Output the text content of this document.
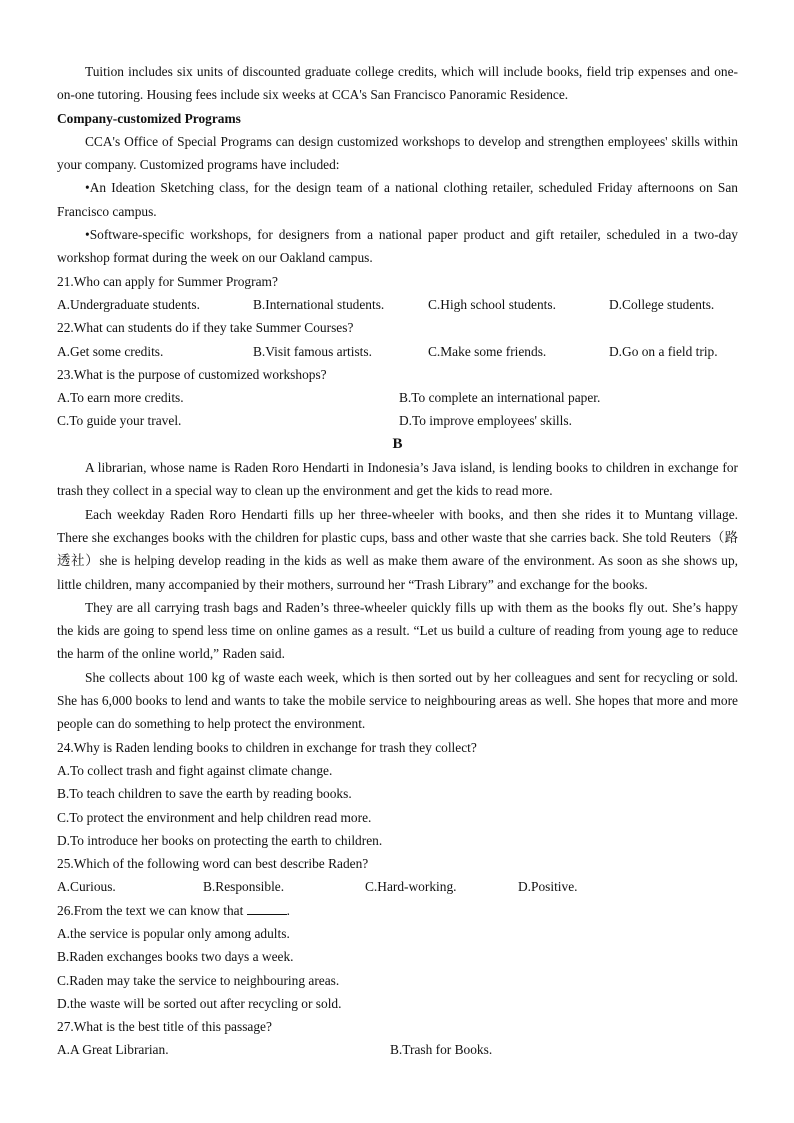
Tuition includes six units of discounted graduate college credits, which will include books, field trip expenses and one-on-one tutoring. Housing fees include six weeks at CCA's San Francisco Panoramic Residence.

Company-customized Programs

CCA's Office of Special Programs can design customized workshops to develop and strengthen employees' skills within your company. Customized programs have included:

•An Ideation Sketching class, for the design team of a national clothing retailer, scheduled Friday afternoons on San Francisco campus.

•Software-specific workshops, for designers from a national paper product and gift retailer, scheduled in a two-day workshop format during the week on our Oakland campus.

21.Who can apply for Summer Program?

A.Undergraduate students.	B.International students.	C.High school students.	D.College students.

22.What can students do if they take Summer Courses?

A.Get some credits.	B.Visit famous artists.	C.Make some friends.	D.Go on a field trip.

23.What is the purpose of customized workshops?

A.To earn more credits.	B.To complete an international paper.
C.To guide your travel.	D.To improve employees' skills.

B

A librarian, whose name is Raden Roro Hendarti in Indonesia’s Java island, is lending books to children in exchange for trash they collect in a special way to clean up the environment and get the kids to read more.

Each weekday Raden Roro Hendarti fills up her three-wheeler with books, and then she rides it to Muntang village. There she exchanges books with the children for plastic cups, bass and other waste that she carries back. She told Reuters（路透社）she is helping develop reading in the kids as well as make them aware of the environment. As soon as she shows up, little children, many accompanied by their mothers, surround her “Trash Library” and exchange for the books.

They are all carrying trash bags and Raden’s three-wheeler quickly fills up with them as the books fly out. She’s happy the kids are going to spend less time on online games as a result. “Let us build a culture of reading from young age to reduce the harm of the online world,” Raden said.

She collects about 100 kg of waste each week, which is then sorted out by her colleagues and sent for recycling or sold. She has 6,000 books to lend and wants to take the mobile service to neighbouring areas as well. She hopes that more and more people can do something to help protect the environment.

24.Why is Raden lending books to children in exchange for trash they collect?

A.To collect trash and fight against climate change.

B.To teach children to save the earth by reading books.

C.To protect the environment and help children read more.

D.To introduce her books on protecting the earth to children.

25.Which of the following word can best describe Raden?

A.Curious.	B.Responsible.	C.Hard-working.	D.Positive.

26.From the text we can know that	.

A.the service is popular only among adults.

B.Raden exchanges books two days a week.

C.Raden may take the service to neighbouring areas.

D.the waste will be sorted out after recycling or sold.

27.What is the best title of this passage?

A.A Great Librarian.	B.Trash for Books.
